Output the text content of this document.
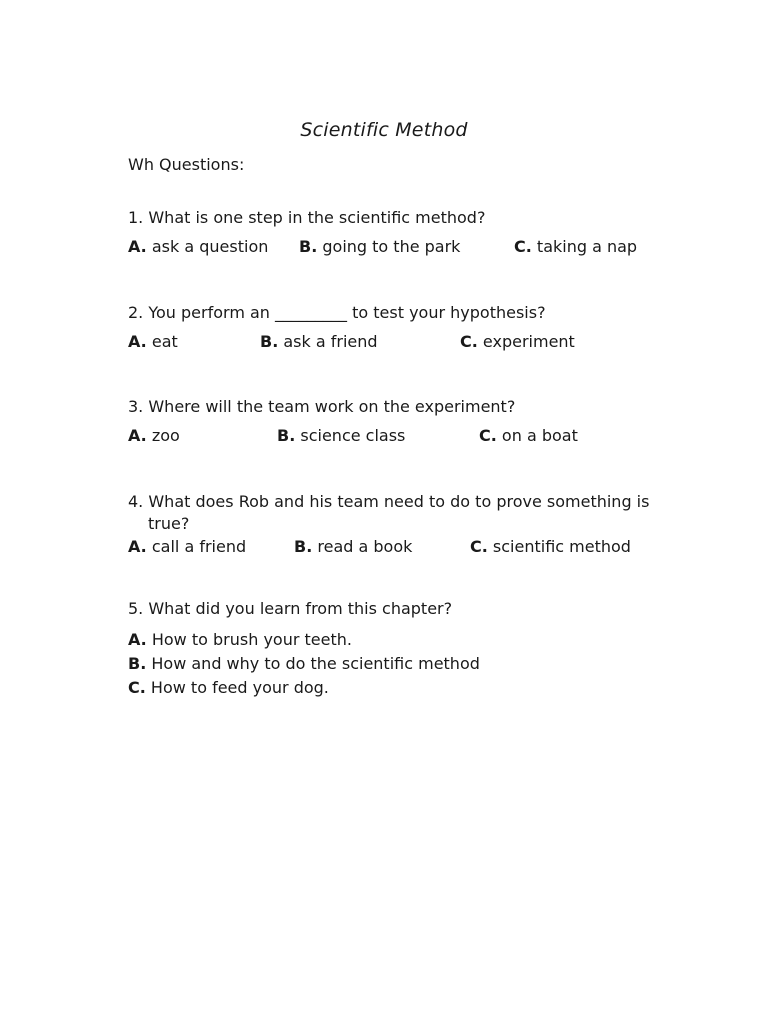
Scientific Method
Wh Questions:
1. What is one step in the scientific method?
A. ask a question B. going to the park	C. taking a nap
2. You perform an _________ to test your hypothesis?
A. eat	B. ask a friend	C. experiment
3. Where will the team work on the experiment?
A. zoo	B. science class	C. on a boat
4. What does Rob and his team need to do to prove something is
true?
A. call a friend	B. read a book	C. scientific method
5. What did you learn from this chapter?
A. How to brush your teeth.
B. How and why to do the scientific method
C. How to feed your dog.
